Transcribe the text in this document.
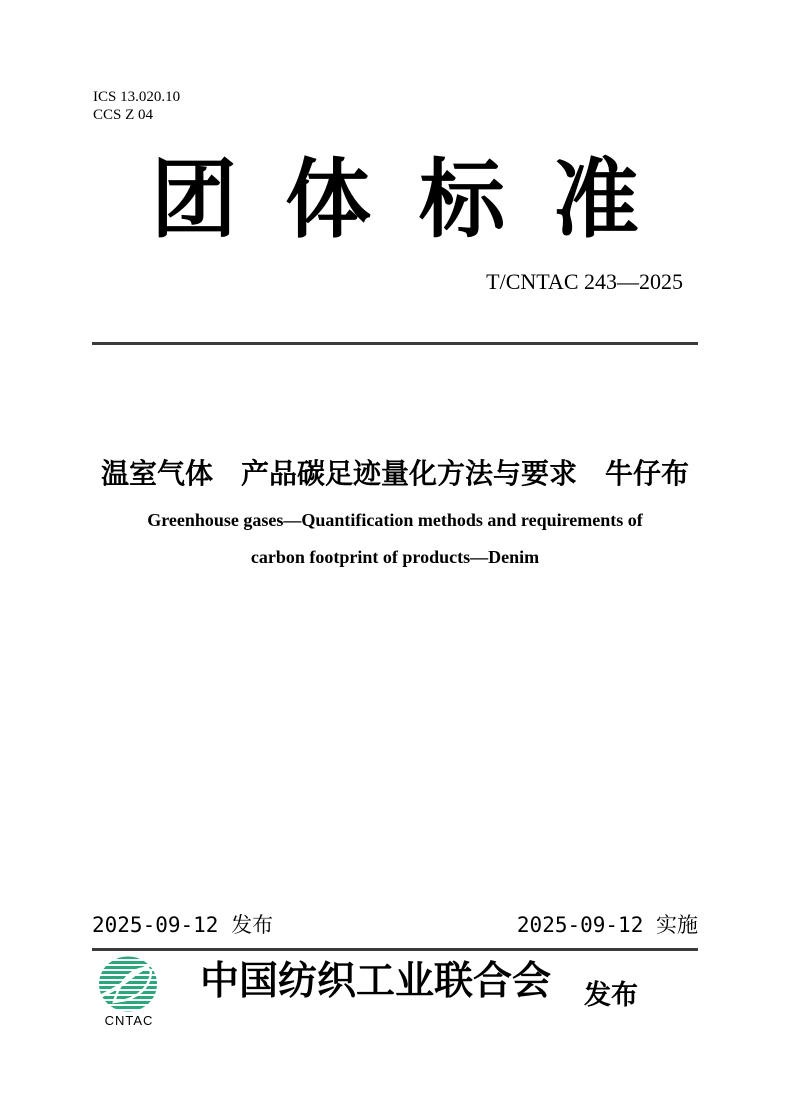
ICS 13.020.10
CCS Z 04
团体标准
T/CNTAC 243—2025
温室气体　产品碳足迹量化方法与要求　牛仔布
Greenhouse gases—Quantification methods and requirements of
carbon footprint of products—Denim
2025-09-12 发布	2025-09-12 实施
CNTAC
中国纺织工业联合会 发布
